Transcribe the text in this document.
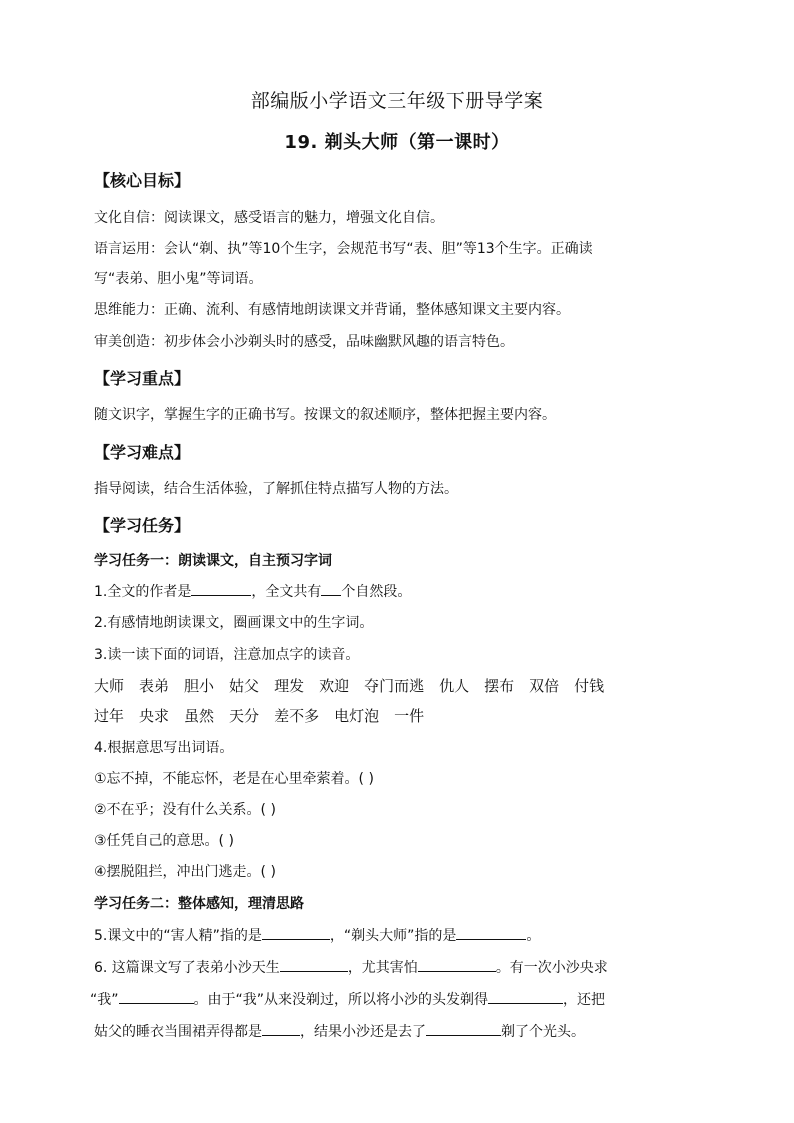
部编版小学语文三年级下册导学案
19. 剃头大师（第一课时）
【核心目标】
文化自信：阅读课文，感受语言的魅力，增强文化自信。
语言运用：会认“剃、执”等10个生字，会规范书写“表、胆”等13个生字。正确读
写“表弟、胆小鬼”等词语。
思维能力：正确、流利、有感情地朗读课文并背诵，整体感知课文主要内容。
审美创造：初步体会小沙剃头时的感受，品味幽默风趣的语言特色。
【学习重点】
随文识字，掌握生字的正确书写。按课文的叙述顺序，整体把握主要内容。
【学习难点】
指导阅读，结合生活体验，了解抓住特点描写人物的方法。
【学习任务】
学习任务一：朗读课文，自主预习字词
1.全文的作者是	，全文共有 个自然段。
2.有感情地朗读课文，圈画课文中的生字词。
3.读一读下面的词语，注意加点字的读音。
大师 表弟 胆小 姑父 理发 欢迎 夺门而逃 仇人 摆布 双倍 付钱
过年 央求 虽然 天分 差不多 电灯泡 一件
4.根据意思写出词语。
①忘不掉，不能忘怀，老是在心里牵萦着。( )
②不在乎；没有什么关系。( )
③任凭自己的意思。( )
④摆脱阻拦，冲出门逃走。( )
学习任务二：整体感知，理清思路
5.课文中的“害人精”指的是	，“剃头大师”指的是	。
6. 这篇课文写了表弟小沙天生	，尤其害怕	。有一次小沙央求
“我”	。由于“我”从来没剃过，所以将小沙的头发剃得	，还把
姑父的睡衣当围裙弄得都是	，结果小沙还是去了	剃了个光头。
